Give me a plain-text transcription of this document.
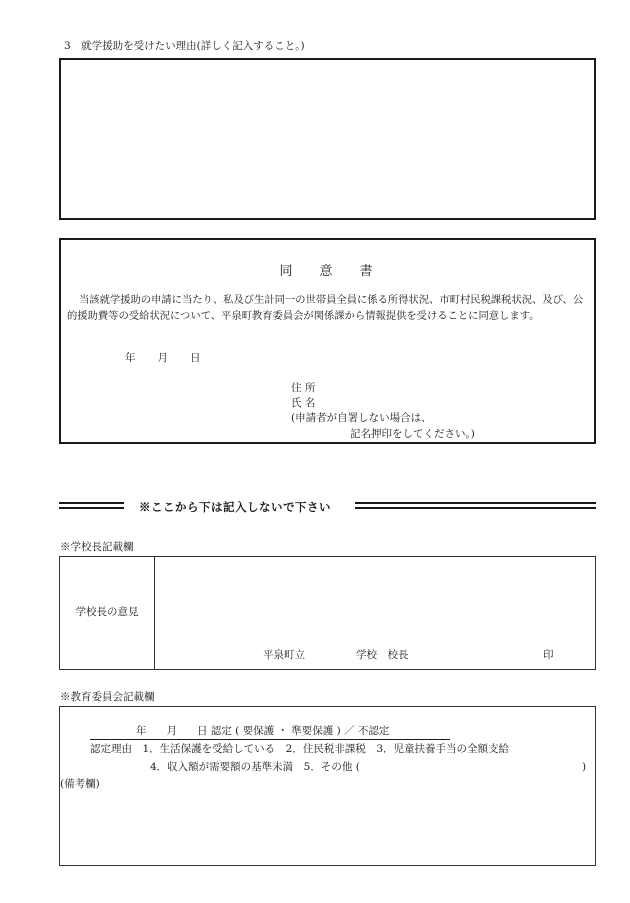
3　就学援助を受けたい理由(詳しく記入すること。)
同 意 書
当該就学援助の申請に当たり、私及び生計同一の世帯員全員に係る所得状況、市町村民税課税状況、及び、公的援助費等の受給状況について、平泉町教育委員会が関係課から情報提供を受けることに同意します。
年 月 日
住 所
氏 名
(申請者が自署しない場合は、
記名押印をしてください。)
※ここから下は記入しないで下さい
※学校長記載欄
学校長の意見
平泉町立	学校　校長	印
※教育委員会記載欄
年 月 日 認定 ( 要保護 ・ 準要保護 ) ／ 不認定
認定理由　1．生活保護を受給している　2．住民税非課税　3．児童扶養手当の全額支給
4．収入額が需要額の基準未満　5．その他 (	)
(備考欄)
